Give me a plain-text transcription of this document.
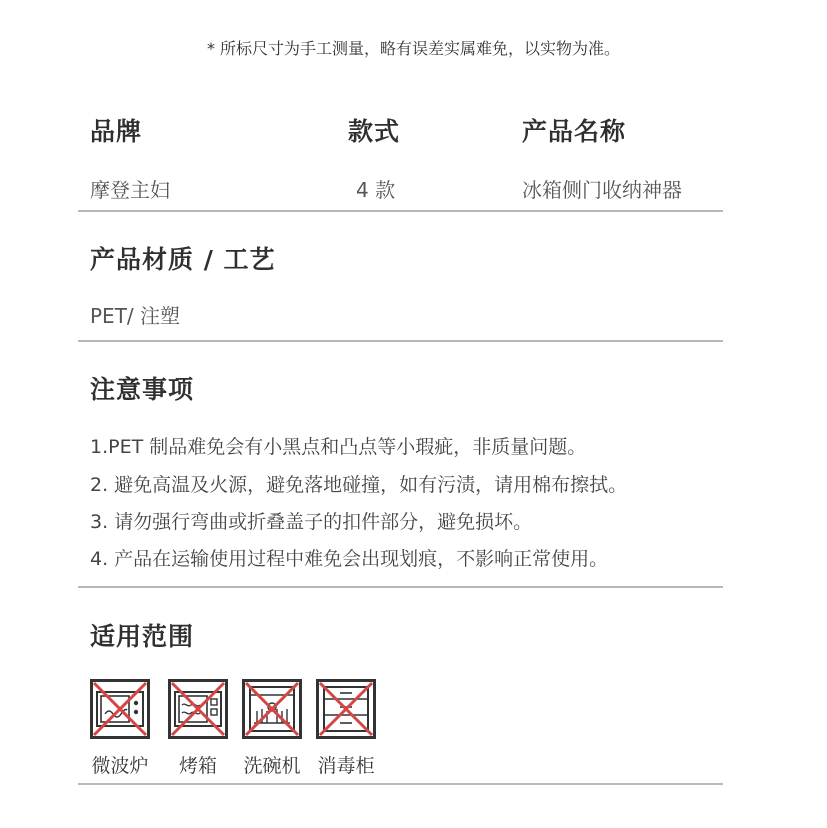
* 所标尺寸为手工测量，略有误差实属难免，以实物为准。
品牌
摩登主妇
款式
4 款
产品名称
冰箱侧门收纳神器
产品材质 / 工艺
PET/ 注塑
注意事项
1.PET 制品难免会有小黑点和凸点等小瑕疵，非质量问题。
2. 避免高温及火源，避免落地碰撞，如有污渍，请用棉布擦拭。
3. 请勿强行弯曲或折叠盖子的扣件部分，避免损坏。
4. 产品在运输使用过程中难免会出现划痕，不影响正常使用。
适用范围
微波炉	烤箱	洗碗机 消毒柜
